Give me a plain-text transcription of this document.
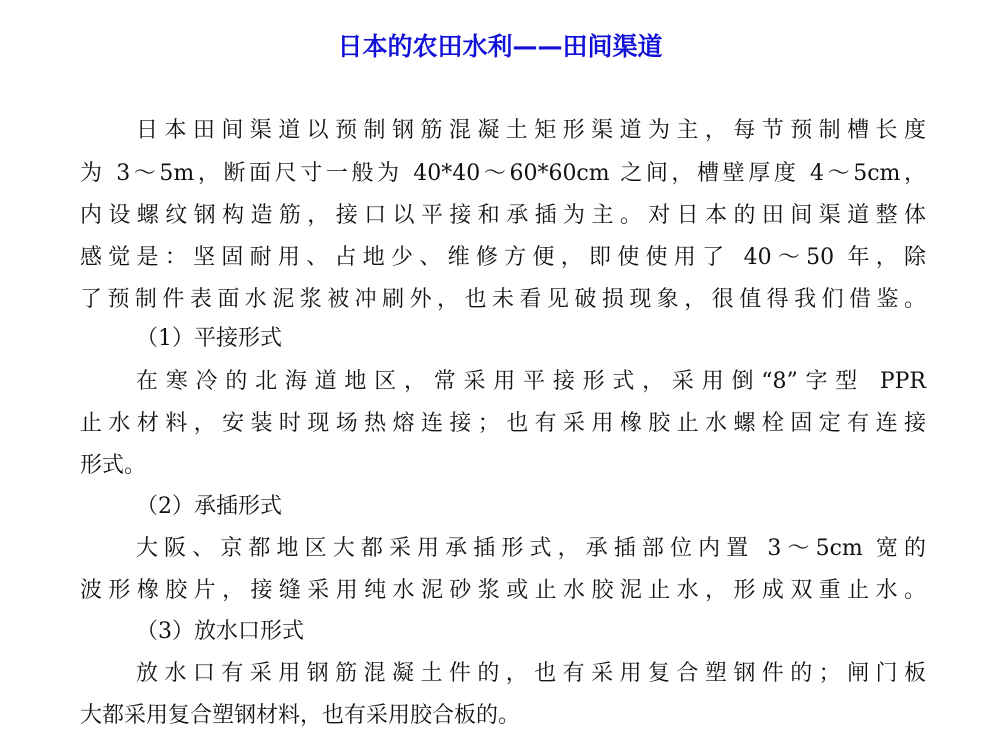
日本的农田水利——田间渠道
日本田间渠道以预制钢筋混凝土矩形渠道为主，每节预制槽长度
为 3～5m，断面尺寸一般为 40*40～60*60cm 之间，槽壁厚度 4～5cm，
内设螺纹钢构造筋，接口以平接和承插为主。对日本的田间渠道整体
感觉是：坚固耐用、占地少、维修方便，即使使用了 40～50 年，除
了预制件表面水泥浆被冲刷外，也未看见破损现象，很值得我们借鉴。
（1）平接形式
在寒冷的北海道地区，常采用平接形式，采用倒“8”字型 PPR
止水材料，安装时现场热熔连接；也有采用橡胶止水螺栓固定有连接
形式。
（2）承插形式
大阪、京都地区大都采用承插形式，承插部位内置 3～5cm 宽的
波形橡胶片，接缝采用纯水泥砂浆或止水胶泥止水，形成双重止水。
（3）放水口形式
放水口有采用钢筋混凝土件的，也有采用复合塑钢件的；闸门板
大都采用复合塑钢材料，也有采用胶合板的。
